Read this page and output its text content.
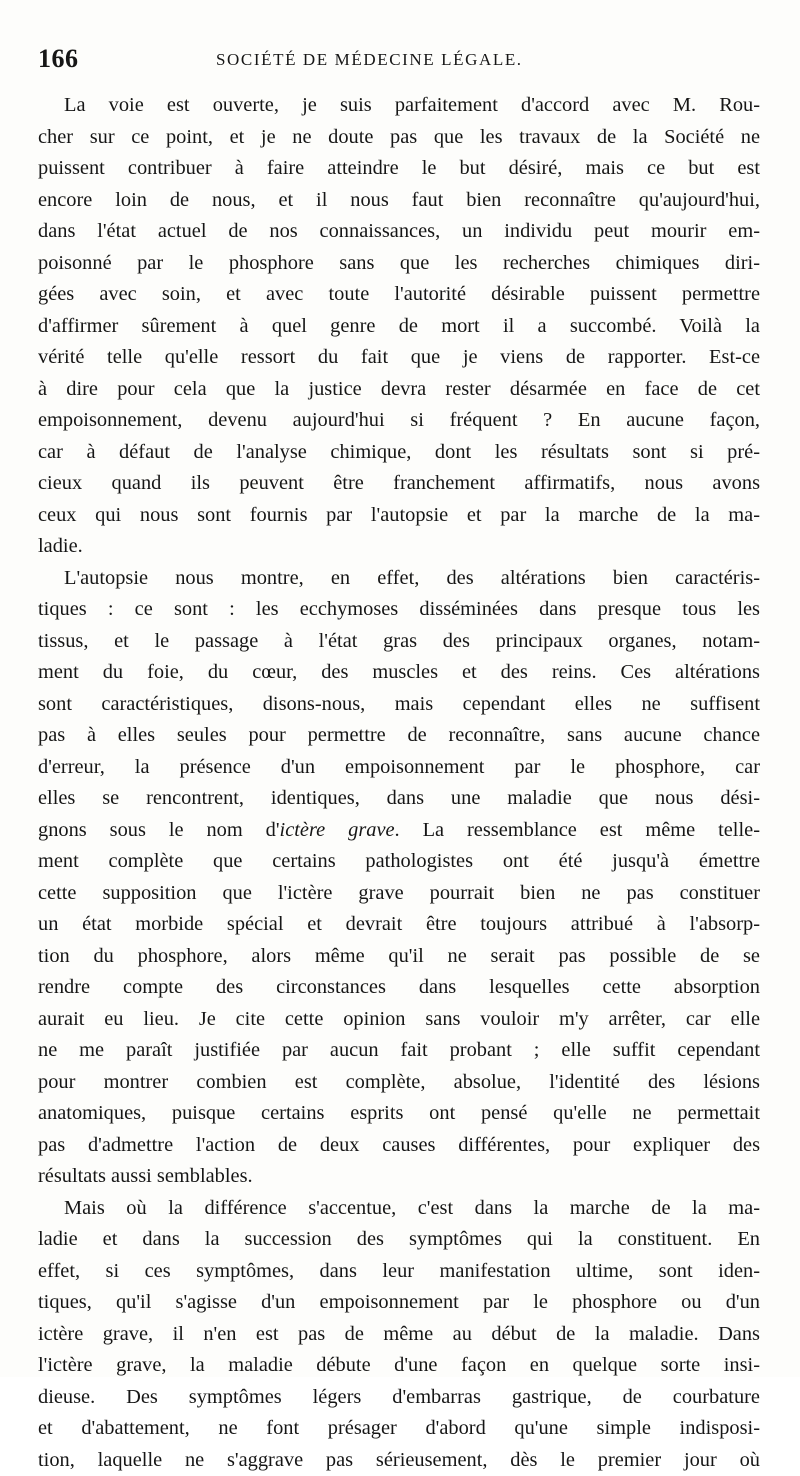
166	SOCIÉTÉ DE MÉDECINE LÉGALE.
La voie est ouverte, je suis parfaitement d'accord avec M. Rou-
cher sur ce point, et je ne doute pas que les travaux de la Société ne
puissent contribuer à faire atteindre le but désiré, mais ce but est
encore loin de nous, et il nous faut bien reconnaître qu'aujourd'hui,
dans l'état actuel de nos connaissances, un individu peut mourir em-
poisonné par le phosphore sans que les recherches chimiques diri-
gées avec soin, et avec toute l'autorité désirable puissent permettre
d'affirmer sûrement à quel genre de mort il a succombé. Voilà la
vérité telle qu'elle ressort du fait que je viens de rapporter. Est-ce
à dire pour cela que la justice devra rester désarmée en face de cet
empoisonnement, devenu aujourd'hui si fréquent ? En aucune façon,
car à défaut de l'analyse chimique, dont les résultats sont si pré-
cieux quand ils peuvent être franchement affirmatifs, nous avons
ceux qui nous sont fournis par l'autopsie et par la marche de la ma-
ladie.
L'autopsie nous montre, en effet, des altérations bien caractéris-
tiques : ce sont : les ecchymoses disséminées dans presque tous les
tissus, et le passage à l'état gras des principaux organes, notam-
ment du foie, du cœur, des muscles et des reins. Ces altérations
sont caractéristiques, disons-nous, mais cependant elles ne suffisent
pas à elles seules pour permettre de reconnaître, sans aucune chance
d'erreur, la présence d'un empoisonnement par le phosphore, car
elles se rencontrent, identiques, dans une maladie que nous dési-
gnons sous le nom d'ictère grave. La ressemblance est même telle-
ment complète que certains pathologistes ont été jusqu'à émettre
cette supposition que l'ictère grave pourrait bien ne pas constituer
un état morbide spécial et devrait être toujours attribué à l'absorp-
tion du phosphore, alors même qu'il ne serait pas possible de se
rendre compte des circonstances dans lesquelles cette absorption
aurait eu lieu. Je cite cette opinion sans vouloir m'y arrêter, car elle
ne me paraît justifiée par aucun fait probant ; elle suffit cependant
pour montrer combien est complète, absolue, l'identité des lésions
anatomiques, puisque certains esprits ont pensé qu'elle ne permettait
pas d'admettre l'action de deux causes différentes, pour expliquer des
résultats aussi semblables.
Mais où la différence s'accentue, c'est dans la marche de la ma-
ladie et dans la succession des symptômes qui la constituent. En
effet, si ces symptômes, dans leur manifestation ultime, sont iden-
tiques, qu'il s'agisse d'un empoisonnement par le phosphore ou d'un
ictère grave, il n'en est pas de même au début de la maladie. Dans
l'ictère grave, la maladie débute d'une façon en quelque sorte insi-
dieuse. Des symptômes légers d'embarras gastrique, de courbature
et d'abattement, ne font présager d'abord qu'une simple indisposi-
tion, laquelle ne s'aggrave pas sérieusement, dès le premier jour où
